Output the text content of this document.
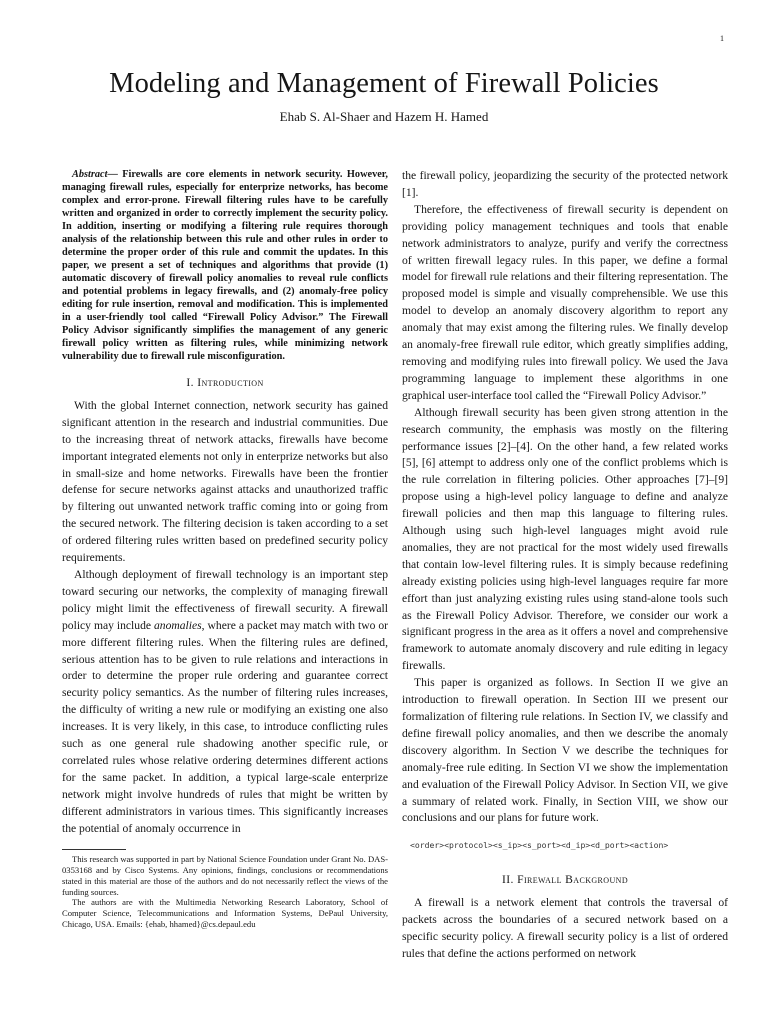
1
Modeling and Management of Firewall Policies
Ehab S. Al-Shaer and Hazem H. Hamed
Abstract— Firewalls are core elements in network security. However, managing firewall rules, especially for enterprize networks, has become complex and error-prone. Firewall filtering rules have to be carefully written and organized in order to correctly implement the security policy. In addition, inserting or modifying a filtering rule requires thorough analysis of the relationship between this rule and other rules in order to determine the proper order of this rule and commit the updates. In this paper, we present a set of techniques and algorithms that provide (1) automatic discovery of firewall policy anomalies to reveal rule conflicts and potential problems in legacy firewalls, and (2) anomaly-free policy editing for rule insertion, removal and modification. This is implemented in a user-friendly tool called “Firewall Policy Advisor.” The Firewall Policy Advisor significantly simplifies the management of any generic firewall policy written as filtering rules, while minimizing network vulnerability due to firewall rule misconfiguration.
I. Introduction

With the global Internet connection, network security has gained significant attention in the research and industrial communities. Due to the increasing threat of network attacks, firewalls have become important integrated elements not only in enterprize networks but also in small-size and home networks. Firewalls have been the frontier defense for secure networks against attacks and unauthorized traffic by filtering out unwanted network traffic coming into or going from the secured network. The filtering decision is taken according to a set of ordered filtering rules written based on predefined security policy requirements.

Although deployment of firewall technology is an important step toward securing our networks, the complexity of managing firewall policy might limit the effectiveness of firewall security. A firewall policy may include anomalies, where a packet may match with two or more different filtering rules. When the filtering rules are defined, serious attention has to be given to rule relations and interactions in order to determine the proper rule ordering and guarantee correct security policy semantics. As the number of filtering rules increases, the difficulty of writing a new rule or modifying an existing one also increases. It is very likely, in this case, to introduce conflicting rules such as one general rule shadowing another specific rule, or correlated rules whose relative ordering determines different actions for the same packet. In addition, a typical large-scale enterprize network might involve hundreds of rules that might be written by different administrators in various times. This significantly increases the potential of anomaly occurrence in

This research was supported in part by National Science Foundation under Grant No. DAS-0353168 and by Cisco Systems. Any opinions, findings, conclusions or recommendations stated in this material are those of the authors and do not necessarily reflect the views of the funding sources.

The authors are with the Multimedia Networking Research Laboratory, School of Computer Science, Telecommunications and Information Systems, DePaul University, Chicago, USA. Emails: {ehab, hhamed}@cs.depaul.edu

the firewall policy, jeopardizing the security of the protected network [1].

Therefore, the effectiveness of firewall security is dependent on providing policy management techniques and tools that enable network administrators to analyze, purify and verify the correctness of written firewall legacy rules. In this paper, we define a formal model for firewall rule relations and their filtering representation. The proposed model is simple and visually comprehensible. We use this model to develop an anomaly discovery algorithm to report any anomaly that may exist among the filtering rules. We finally develop an anomaly-free firewall rule editor, which greatly simplifies adding, removing and modifying rules into firewall policy. We used the Java programming language to implement these algorithms in one graphical user-interface tool called the “Firewall Policy Advisor.”

Although firewall security has been given strong attention in the research community, the emphasis was mostly on the filtering performance issues [2]–[4]. On the other hand, a few related works [5], [6] attempt to address only one of the conflict problems which is the rule correlation in filtering policies. Other approaches [7]–[9] propose using a high-level policy language to define and analyze firewall policies and then map this language to filtering rules. Although using such high-level languages might avoid rule anomalies, they are not practical for the most widely used firewalls that contain low-level filtering rules. It is simply because redefining already existing policies using high-level languages require far more effort than just analyzing existing rules using stand-alone tools such as the Firewall Policy Advisor. Therefore, we consider our work a significant progress in the area as it offers a novel and comprehensive framework to automate anomaly discovery and rule editing in legacy firewalls.

This paper is organized as follows. In Section II we give an introduction to firewall operation. In Section III we present our formalization of filtering rule relations. In Section IV, we classify and define firewall policy anomalies, and then we describe the anomaly discovery algorithm. In Section V we describe the techniques for anomaly-free rule editing. In Section VI we show the implementation and evaluation of the Firewall Policy Advisor. In Section VII, we give a summary of related work. Finally, in Section VIII, we show our conclusions and our plans for future work.

<order><protocol><s_ip><s_port><d_ip><d_port><action>
II. Firewall Background

A firewall is a network element that controls the traversal of packets across the boundaries of a secured network based on a specific security policy. A firewall security policy is a list of ordered rules that define the actions performed on network
